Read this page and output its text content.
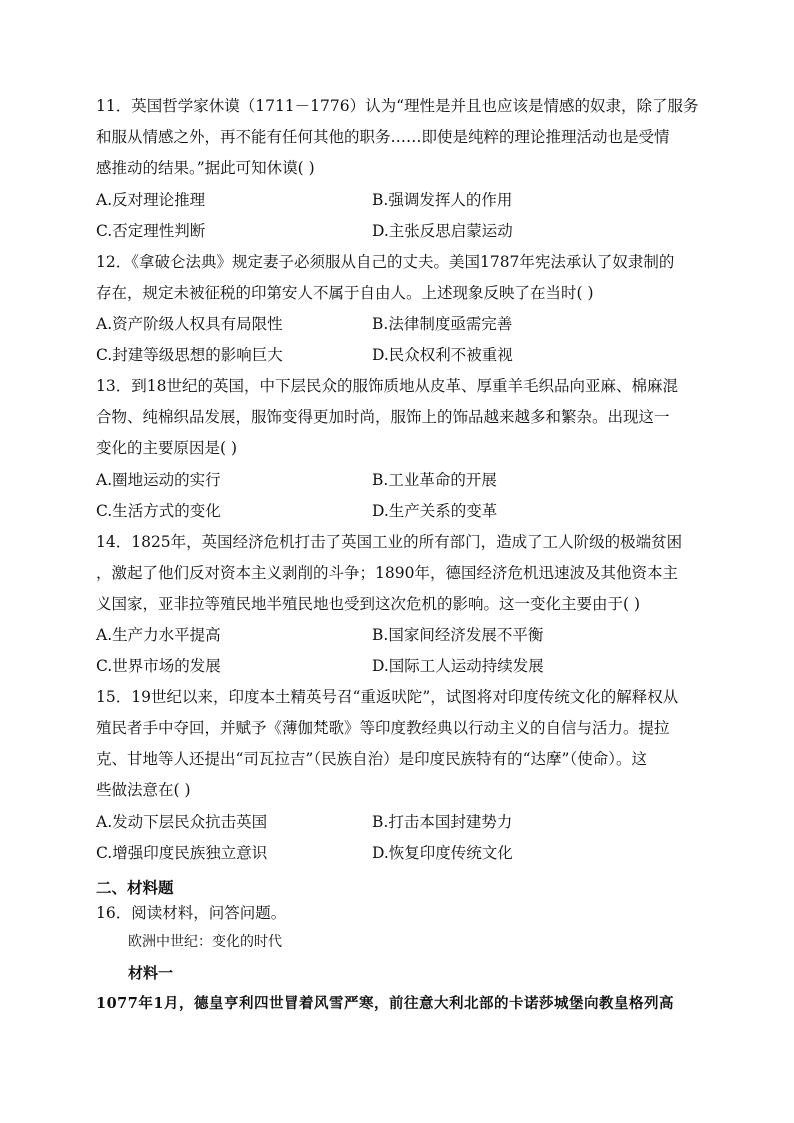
11．英国哲学家休谟（1711－1776）认为“理性是并且也应该是情感的奴隶，除了服务
和服从情感之外，再不能有任何其他的职务……即使是纯粹的理论推理活动也是受情
感推动的结果。”据此可知休谟( )
A.反对理论推理	B.强调发挥人的作用
C.否定理性判断	D.主张反思启蒙运动
12．《拿破仑法典》规定妻子必须服从自己的丈夫。美国1787年宪法承认了奴隶制的
存在，规定未被征税的印第安人不属于自由人。上述现象反映了在当时( )
A.资产阶级人权具有局限性	B.法律制度亟需完善
C.封建等级思想的影响巨大	D.民众权利不被重视
13．到18世纪的英国，中下层民众的服饰质地从皮革、厚重羊毛织品向亚麻、棉麻混
合物、纯棉织品发展，服饰变得更加时尚，服饰上的饰品越来越多和繁杂。出现这一
变化的主要原因是( )
A.圈地运动的实行	B.工业革命的开展
C.生活方式的变化	D.生产关系的变革
14．1825年，英国经济危机打击了英国工业的所有部门，造成了工人阶级的极端贫困
，激起了他们反对资本主义剥削的斗争；1890年，德国经济危机迅速波及其他资本主
义国家，亚非拉等殖民地半殖民地也受到这次危机的影响。这一变化主要由于( )
A.生产力水平提高	B.国家间经济发展不平衡
C.世界市场的发展	D.国际工人运动持续发展
15．19世纪以来，印度本土精英号召“重返吠陀”，试图将对印度传统文化的解释权从
殖民者手中夺回，并赋予《薄伽梵歌》等印度教经典以行动主义的自信与活力。提拉
克、甘地等人还提出“司瓦拉吉”（民族自治）是印度民族特有的“达摩”（使命）。这
些做法意在( )
A.发动下层民众抗击英国	B.打击本国封建势力
C.增强印度民族独立意识	D.恢复印度传统文化
二、材料题
16．阅读材料，问答问题。
欧洲中世纪：变化的时代
材料一
1077年1月，德皇亨利四世冒着风雪严寒，前往意大利北部的卡诺莎城堡向教皇格列高
